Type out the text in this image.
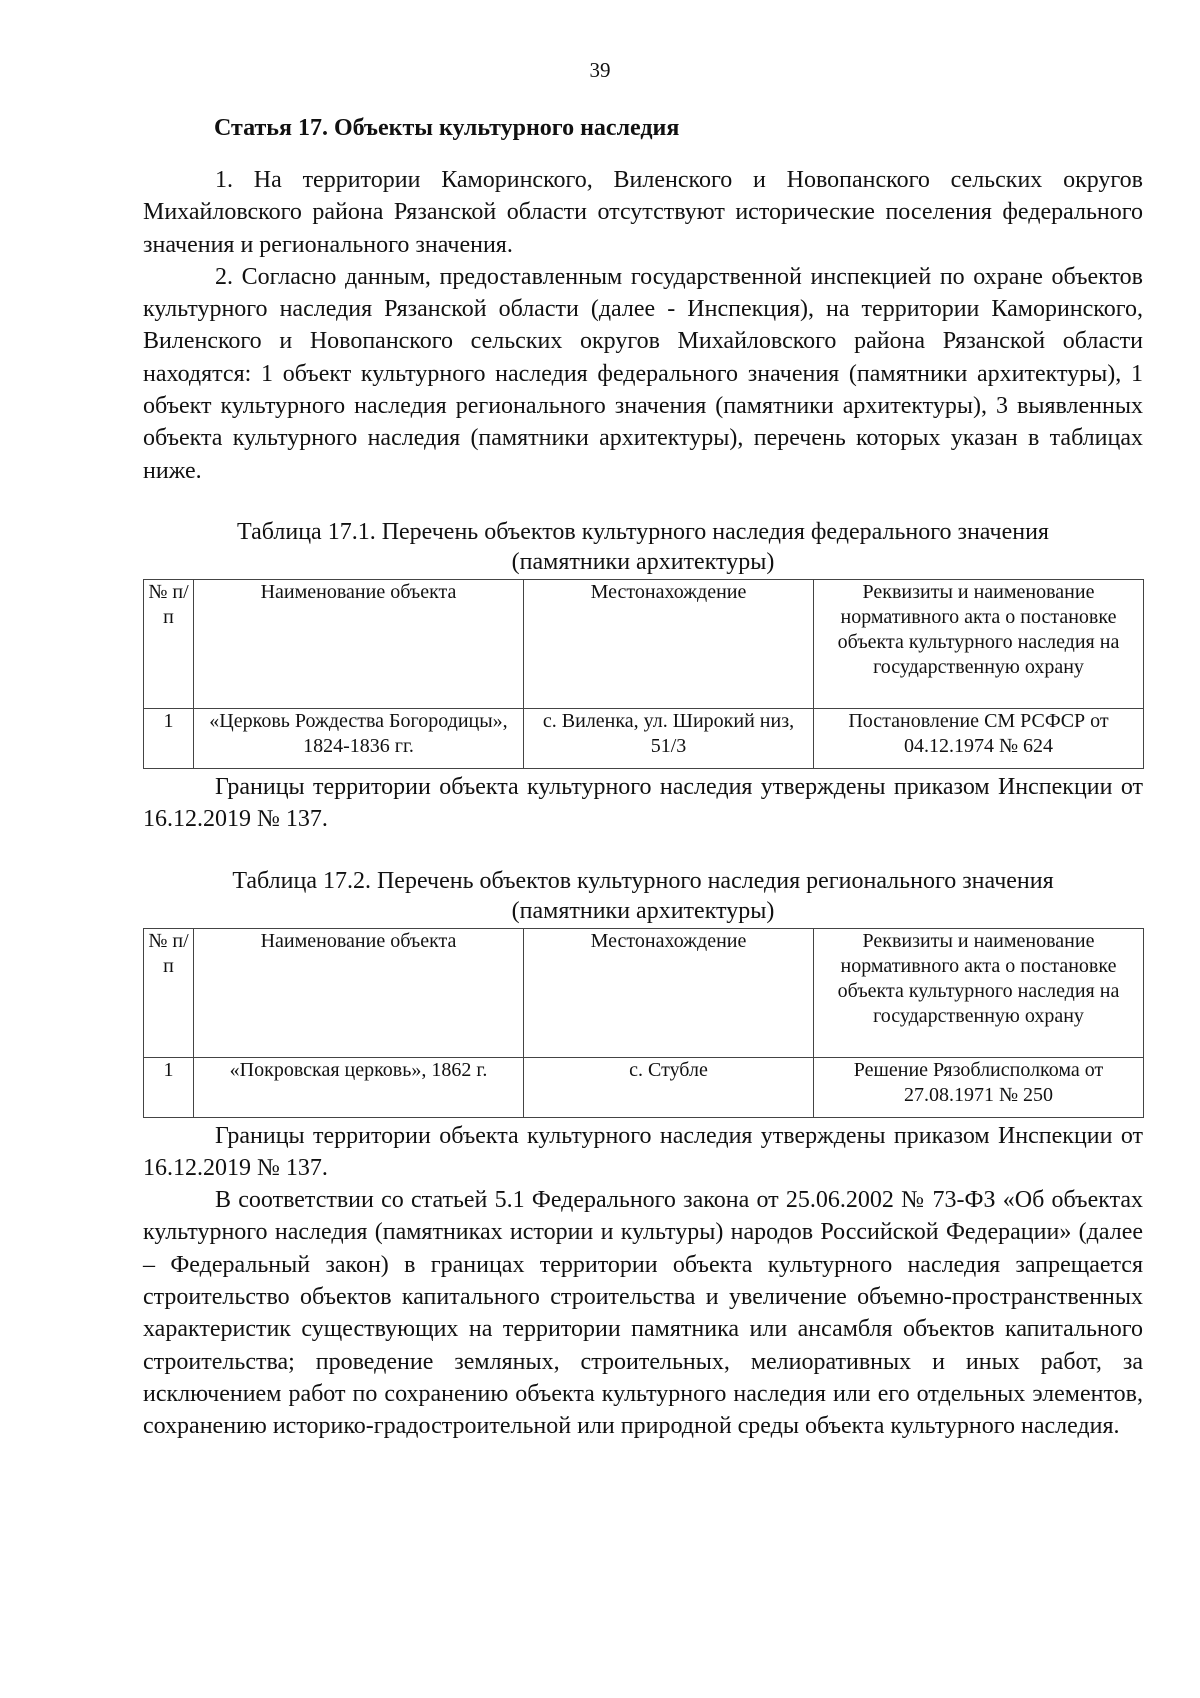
39
Статья 17. Объекты культурного наследия

1. На территории Каморинского, Виленского и Новопанского сельских округов Михайловского района Рязанской области отсутствуют исторические поселения федерального значения и регионального значения.

2. Согласно данным, предоставленным государственной инспекцией по охране объектов культурного наследия Рязанской области (далее - Инспекция), на территории Каморинского, Виленского и Новопанского сельских округов Михайловского района Рязанской области находятся: 1 объект культурного наследия федерального значения (памятники архитектуры), 1 объект культурного наследия регионального значения (памятники архитектуры), 3 выявленных объекта культурного наследия (памятники архитектуры), перечень которых указан в таблицах ниже.

Таблица 17.1. Перечень объектов культурного наследия федерального значения
(памятники архитектуры)
№ п/п	Наименование объекта	Местонахождение	Реквизиты и наименование нормативного акта о постановке объекта культурного наследия на государственную охрану
1	«Церковь Рождества Богородицы», 1824-1836 гг.	с. Виленка, ул. Широкий низ, 51/3	Постановление СМ РСФСР от 04.12.1974 № 624

Границы территории объекта культурного наследия утверждены приказом Инспекции от 16.12.2019 № 137.

Таблица 17.2. Перечень объектов культурного наследия регионального значения
(памятники архитектуры)
№ п/п	Наименование объекта	Местонахождение	Реквизиты и наименование нормативного акта о постановке объекта культурного наследия на государственную охрану
1	«Покровская церковь», 1862 г.	с. Стубле	Решение Рязоблисполкома от 27.08.1971 № 250

Границы территории объекта культурного наследия утверждены приказом Инспекции от 16.12.2019 № 137.

В соответствии со статьей 5.1 Федерального закона от 25.06.2002 № 73-ФЗ «Об объектах культурного наследия (памятниках истории и культуры) народов Российской Федерации» (далее – Федеральный закон) в границах территории объекта культурного наследия запрещается строительство объектов капитального строительства и увеличение объемно-пространственных характеристик существующих на территории памятника или ансамбля объектов капитального строительства; проведение земляных, строительных, мелиоративных и иных работ, за исключением работ по сохранению объекта культурного наследия или его отдельных элементов, сохранению историко-градостроительной или природной среды объекта культурного наследия.
